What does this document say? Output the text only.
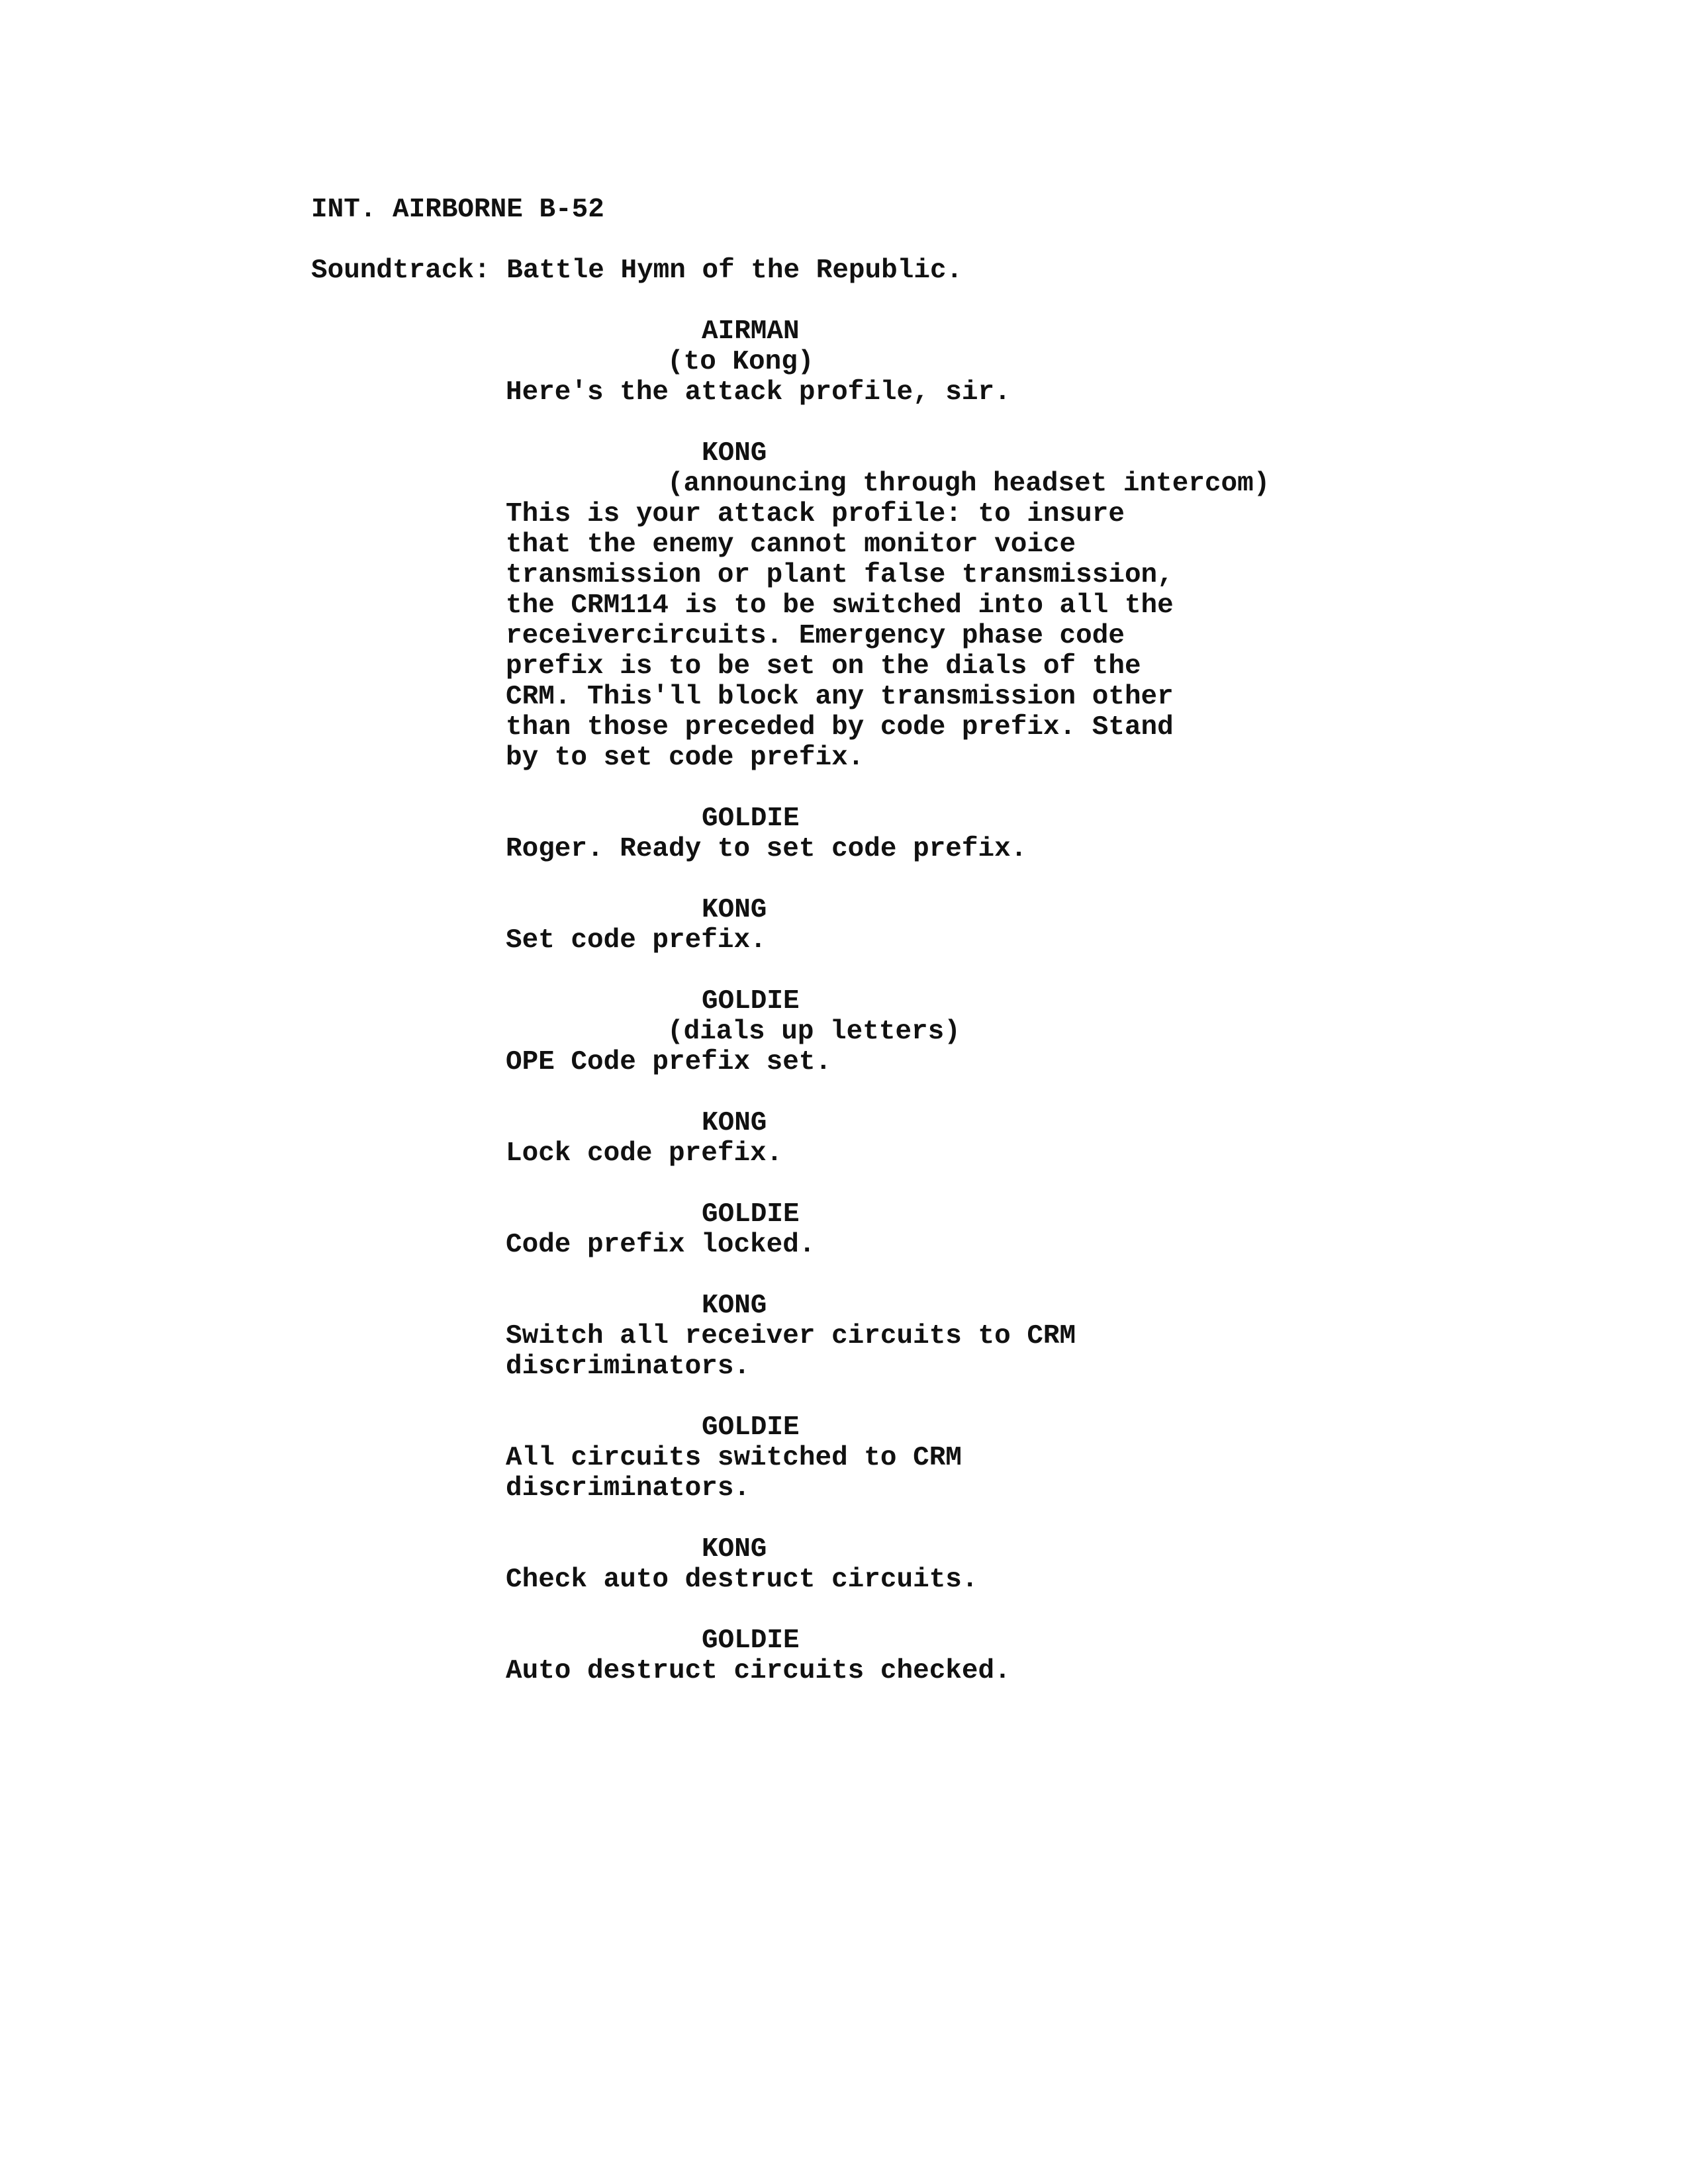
INT. AIRBORNE B-52
Soundtrack: Battle Hymn of the Republic.
AIRMAN
(to Kong)
Here's the attack profile, sir.
KONG
(announcing through headset intercom)
This is your attack profile: to insure
that the enemy cannot monitor voice
transmission or plant false transmission,
the CRM114 is to be switched into all the
receivercircuits. Emergency phase code
prefix is to be set on the dials of the
CRM. This'll block any transmission other
than those preceded by code prefix. Stand
by to set code prefix.
GOLDIE
Roger. Ready to set code prefix.
KONG
Set code prefix.
GOLDIE
(dials up letters)
OPE Code prefix set.
KONG
Lock code prefix.
GOLDIE
Code prefix locked.
KONG
Switch all receiver circuits to CRM
discriminators.
GOLDIE
All circuits switched to CRM
discriminators.
KONG
Check auto destruct circuits.
GOLDIE
Auto destruct circuits checked.
